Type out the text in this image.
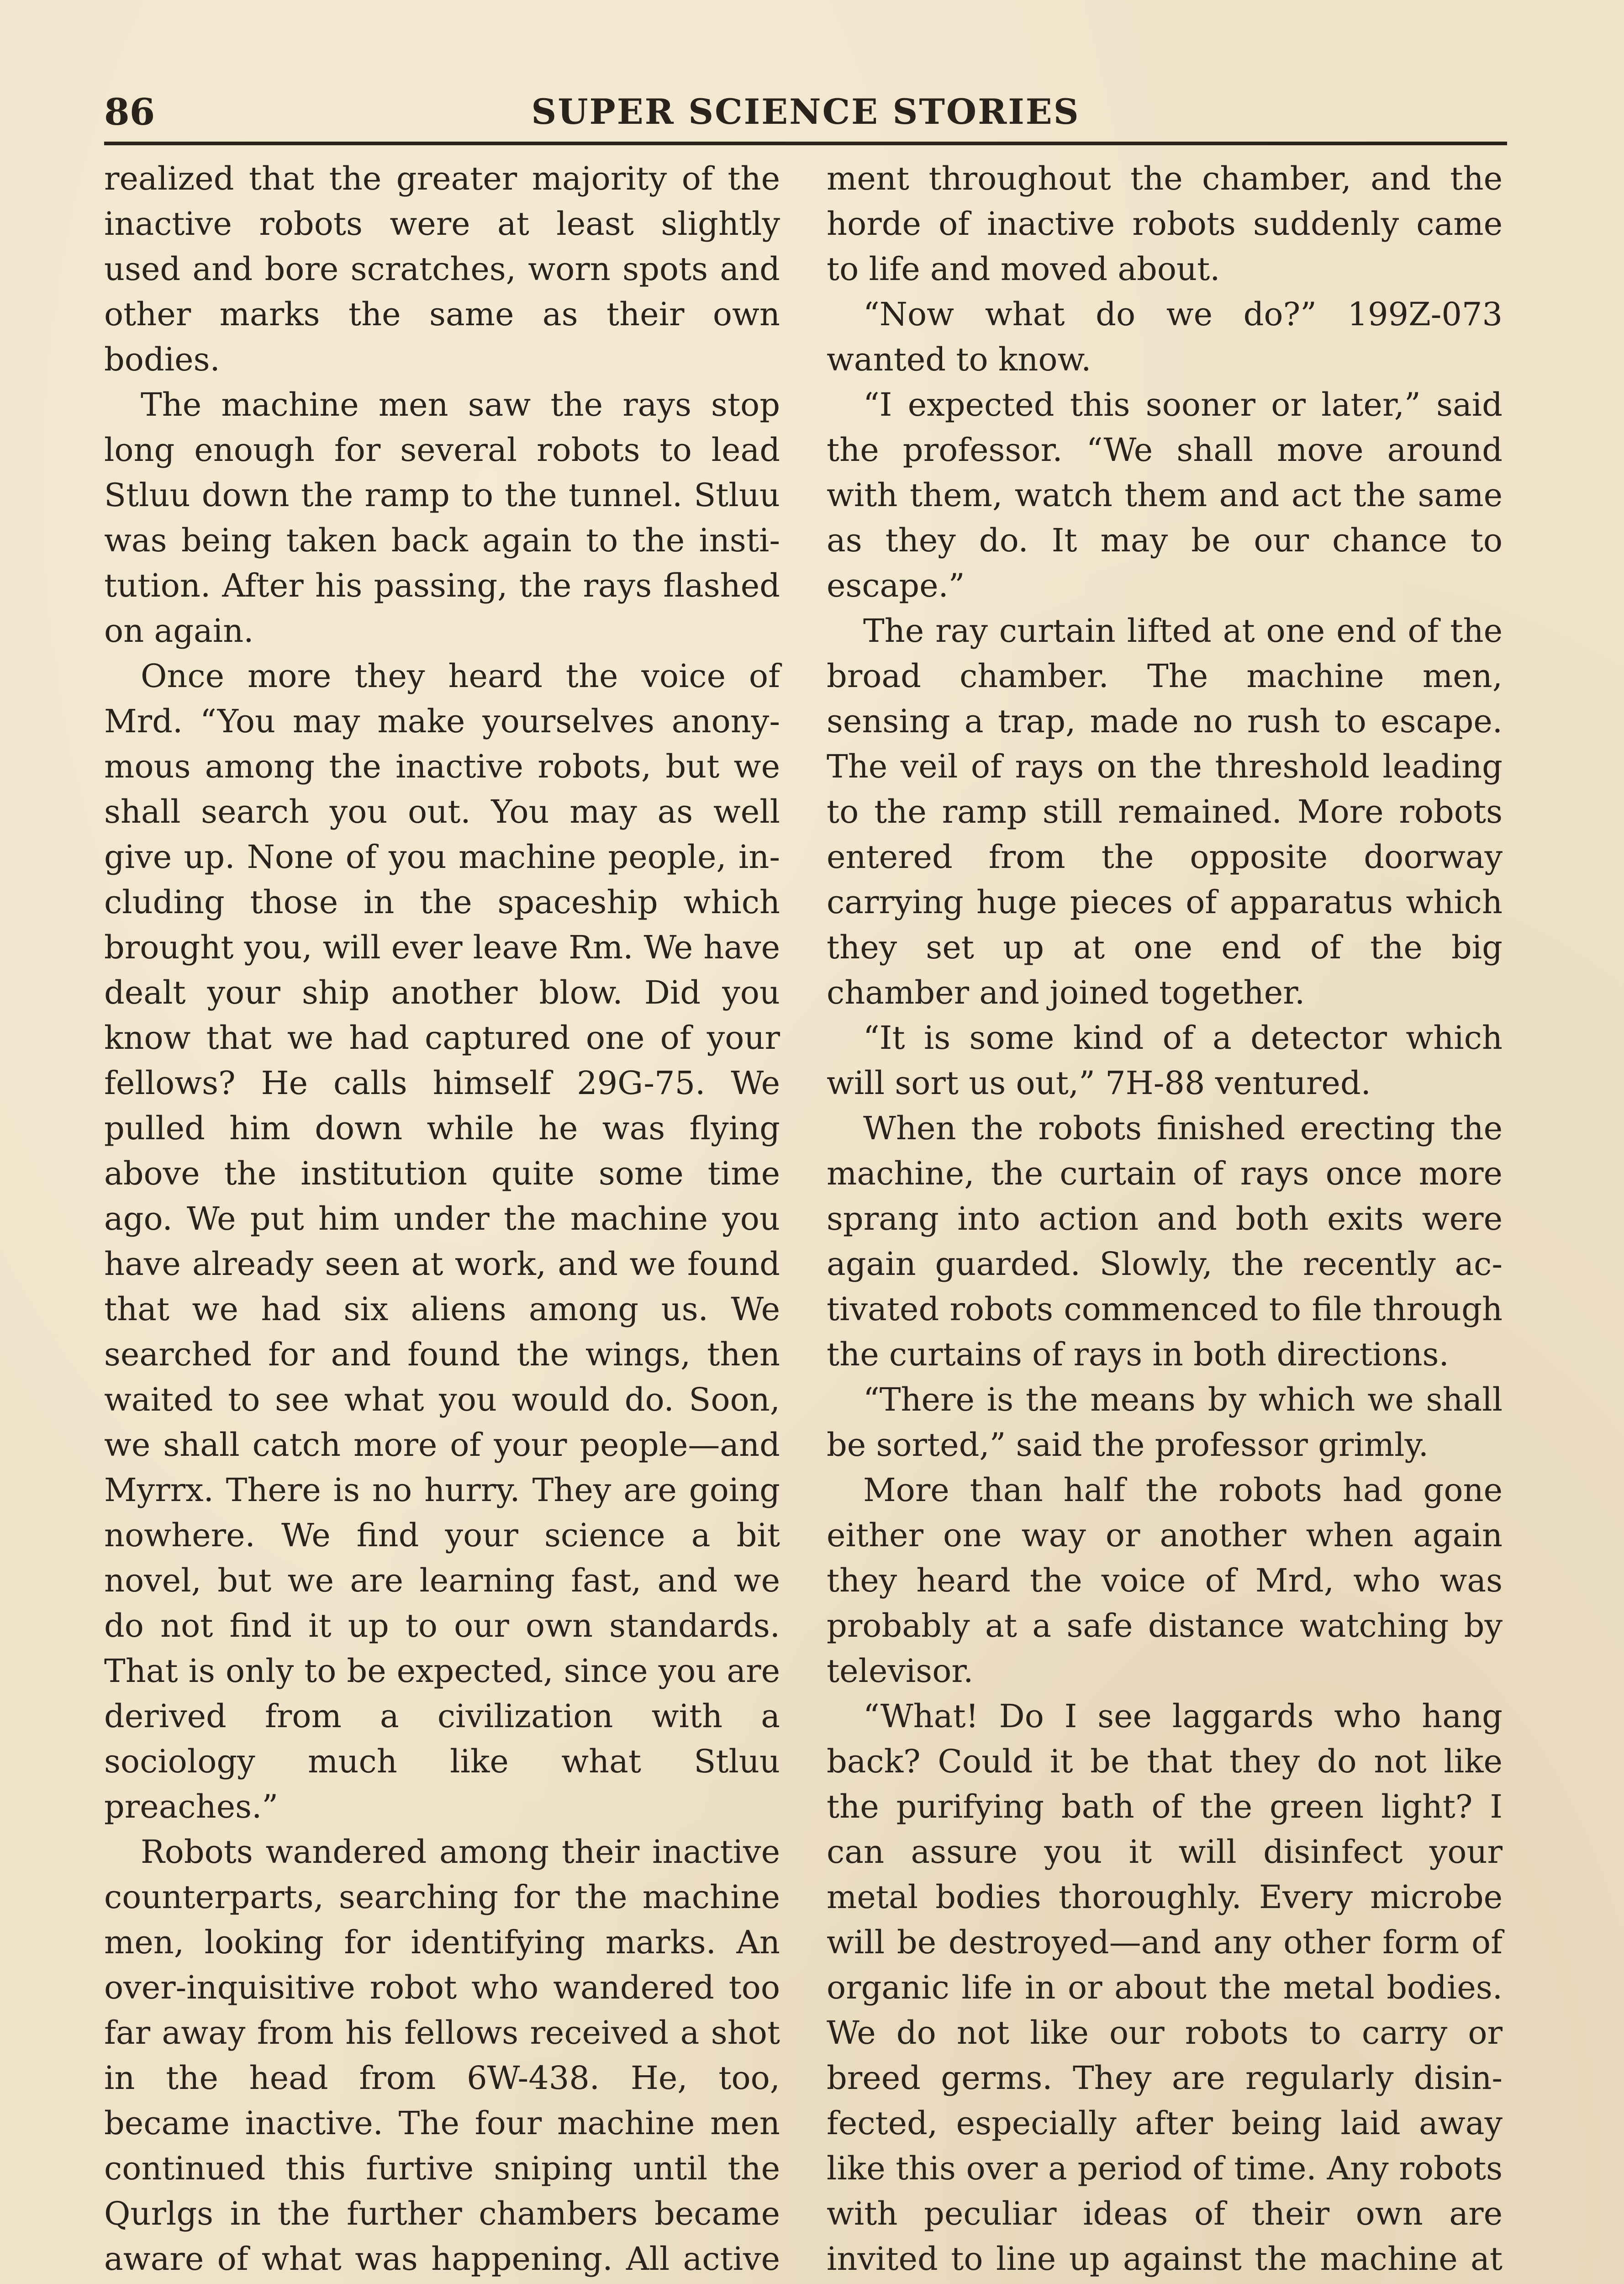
SUPER SCIENCE STORIES
86

realized that the greater majority of the inactive robots were at least slightly used and bore scratches, worn spots and other marks the same as their own bodies.

The machine men saw the rays stop long enough for several robots to lead Stluu down the ramp to the tunnel. Stluu was being taken back again to the institution. After his passing, the rays flashed on again.

Once more they heard the voice of Mrd. “You may make yourselves anonymous among the inactive robots, but we shall search you out. You may as well give up. None of you machine people, including those in the spaceship which brought you, will ever leave Rm. We have dealt your ship another blow. Did you know that we had captured one of your fellows? He calls himself 29G-75. We pulled him down while he was flying above the institution quite some time ago. We put him under the machine you have already seen at work, and we found that we had six aliens among us. We searched for and found the wings, then waited to see what you would do. Soon, we shall catch more of your people—and Myrrx. There is no hurry. They are going nowhere. We find your science a bit novel, but we are learning fast, and we do not find it up to our own standards. That is only to be expected, since you are derived from a civilization with a sociology much like what Stluu preaches.”

Robots wandered among their inactive counterparts, searching for the machine men, looking for identifying marks. An over-inquisitive robot who wandered too far away from his fellows received a shot in the head from 6W-438. He, too, became inactive. The four machine men continued this furtive sniping until the Qurlgs in the further chambers became aware of what was happening. All active

ment throughout the chamber, and the horde of inactive robots suddenly came to life and moved about.

“Now what do we do?” 199Z-073 wanted to know.

“I expected this sooner or later,” said the professor. “We shall move around with them, watch them and act the same as they do. It may be our chance to escape.”

The ray curtain lifted at one end of the broad chamber. The machine men, sensing a trap, made no rush to escape. The veil of rays on the threshold leading to the ramp still remained. More robots entered from the opposite doorway carrying huge pieces of apparatus which they set up at one end of the big chamber and joined together.

“It is some kind of a detector which will sort us out,” 7H-88 ventured.

When the robots finished erecting the machine, the curtain of rays once more sprang into action and both exits were again guarded. Slowly, the recently activated robots commenced to file through the curtains of rays in both directions.

“There is the means by which we shall be sorted,” said the professor grimly.

More than half the robots had gone either one way or another when again they heard the voice of Mrd, who was probably at a safe distance watching by televisor.

“What! Do I see laggards who hang back? Could it be that they do not like the purifying bath of the green light? I can assure you it will disinfect your metal bodies thoroughly. Every microbe will be destroyed—and any other form of organic life in or about the metal bodies. We do not like our robots to carry or breed germs. They are regularly disinfected, especially after being laid away like this over a period of time. Any robots with peculiar ideas of their own are invited to line up against the machine at
